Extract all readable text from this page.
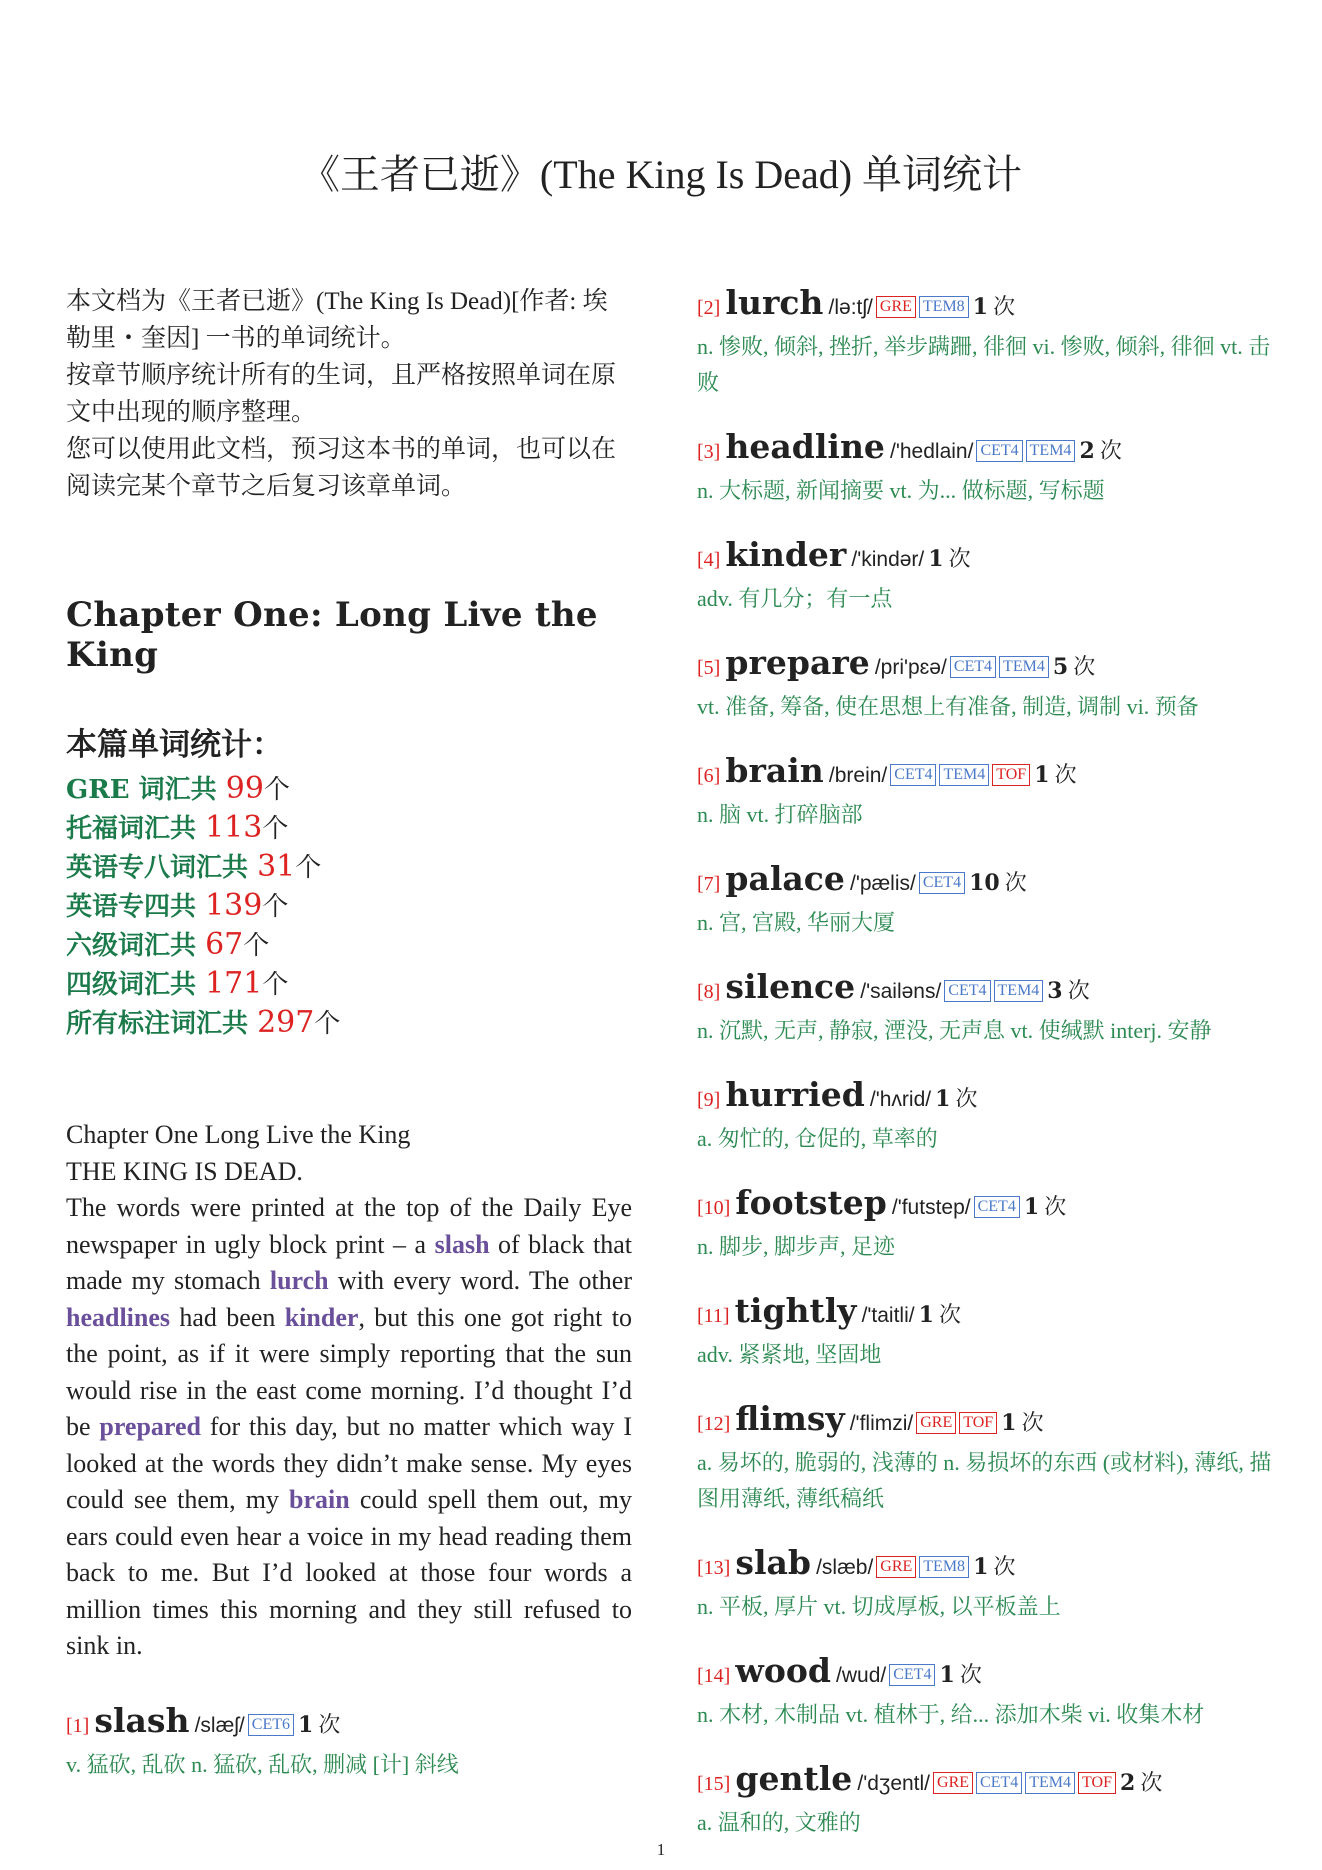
《王者已逝》(The King Is Dead) 单词统计

本文档为《王者已逝》(The King Is Dead)[作者: 埃勒里・奎因] 一书的单词统计。

按章节顺序统计所有的生词，且严格按照单词在原文中出现的顺序整理。

您可以使用此文档，预习这本书的单词，也可以在阅读完某个章节之后复习该章单词。

Chapter One: Long Live the King
本篇单词统计：
GRE 词汇共 99个
托福词汇共 113个
英语专八词汇共 31个
英语专四共 139个
六级词汇共 67个
四级词汇共 171个
所有标注词汇共 297个
Chapter One Long Live the King
THE KING IS DEAD.
The words were printed at the top of the Daily Eye newspaper in ugly block print – a slash of black that made my stomach lurch with every word. The other headlines had been kinder, but this one got right to the point, as if it were simply reporting that the sun would rise in the east come morning. I’d thought I’d be prepared for this day, but no matter which way I looked at the words they didn’t make sense. My eyes could see them, my brain could spell them out, my ears could even hear a voice in my head reading them back to me. But I’d looked at those four words a million times this morning and they still refused to sink in.
[1] slash /slæʃ/ CET6 1 次
v. 猛砍, 乱砍 n. 猛砍, 乱砍, 删减 [计] 斜线
[2] lurch /lə:tʃ/ GRE TEM8 1 次
n. 惨败, 倾斜, 挫折, 举步蹒跚, 徘徊 vi. 惨败, 倾斜, 徘徊 vt. 击败
[3] headline /'hedlain/ CET4 TEM4 2 次
n. 大标题, 新闻摘要 vt. 为... 做标题, 写标题
[4] kinder /'kindər/ 1 次
adv. 有几分；有一点
[5] prepare /pri'pɛə/ CET4 TEM4 5 次
vt. 准备, 筹备, 使在思想上有准备, 制造, 调制 vi. 预备
[6] brain /brein/ CET4 TEM4 TOF 1 次
n. 脑 vt. 打碎脑部
[7] palace /'pælis/ CET4 10 次
n. 宫, 宫殿, 华丽大厦
[8] silence /'sailəns/ CET4 TEM4 3 次
n. 沉默, 无声, 静寂, 湮没, 无声息 vt. 使缄默 interj. 安静
[9] hurried /'hʌrid/ 1 次
a. 匆忙的, 仓促的, 草率的
[10] footstep /'futstep/ CET4 1 次
n. 脚步, 脚步声, 足迹
[11] tightly /'taitli/ 1 次
adv. 紧紧地, 坚固地
[12] flimsy /'flimzi/ GRE TOF 1 次
a. 易坏的, 脆弱的, 浅薄的 n. 易损坏的东西 (或材料), 薄纸, 描图用薄纸, 薄纸稿纸
[13] slab /slæb/ GRE TEM8 1 次
n. 平板, 厚片 vt. 切成厚板, 以平板盖上
[14] wood /wud/ CET4 1 次
n. 木材, 木制品 vt. 植林于, 给... 添加木柴 vi. 收集木材
[15] gentle /'dʒentl/ GRE CET4 TEM4 TOF 2 次
a. 温和的, 文雅的
1
